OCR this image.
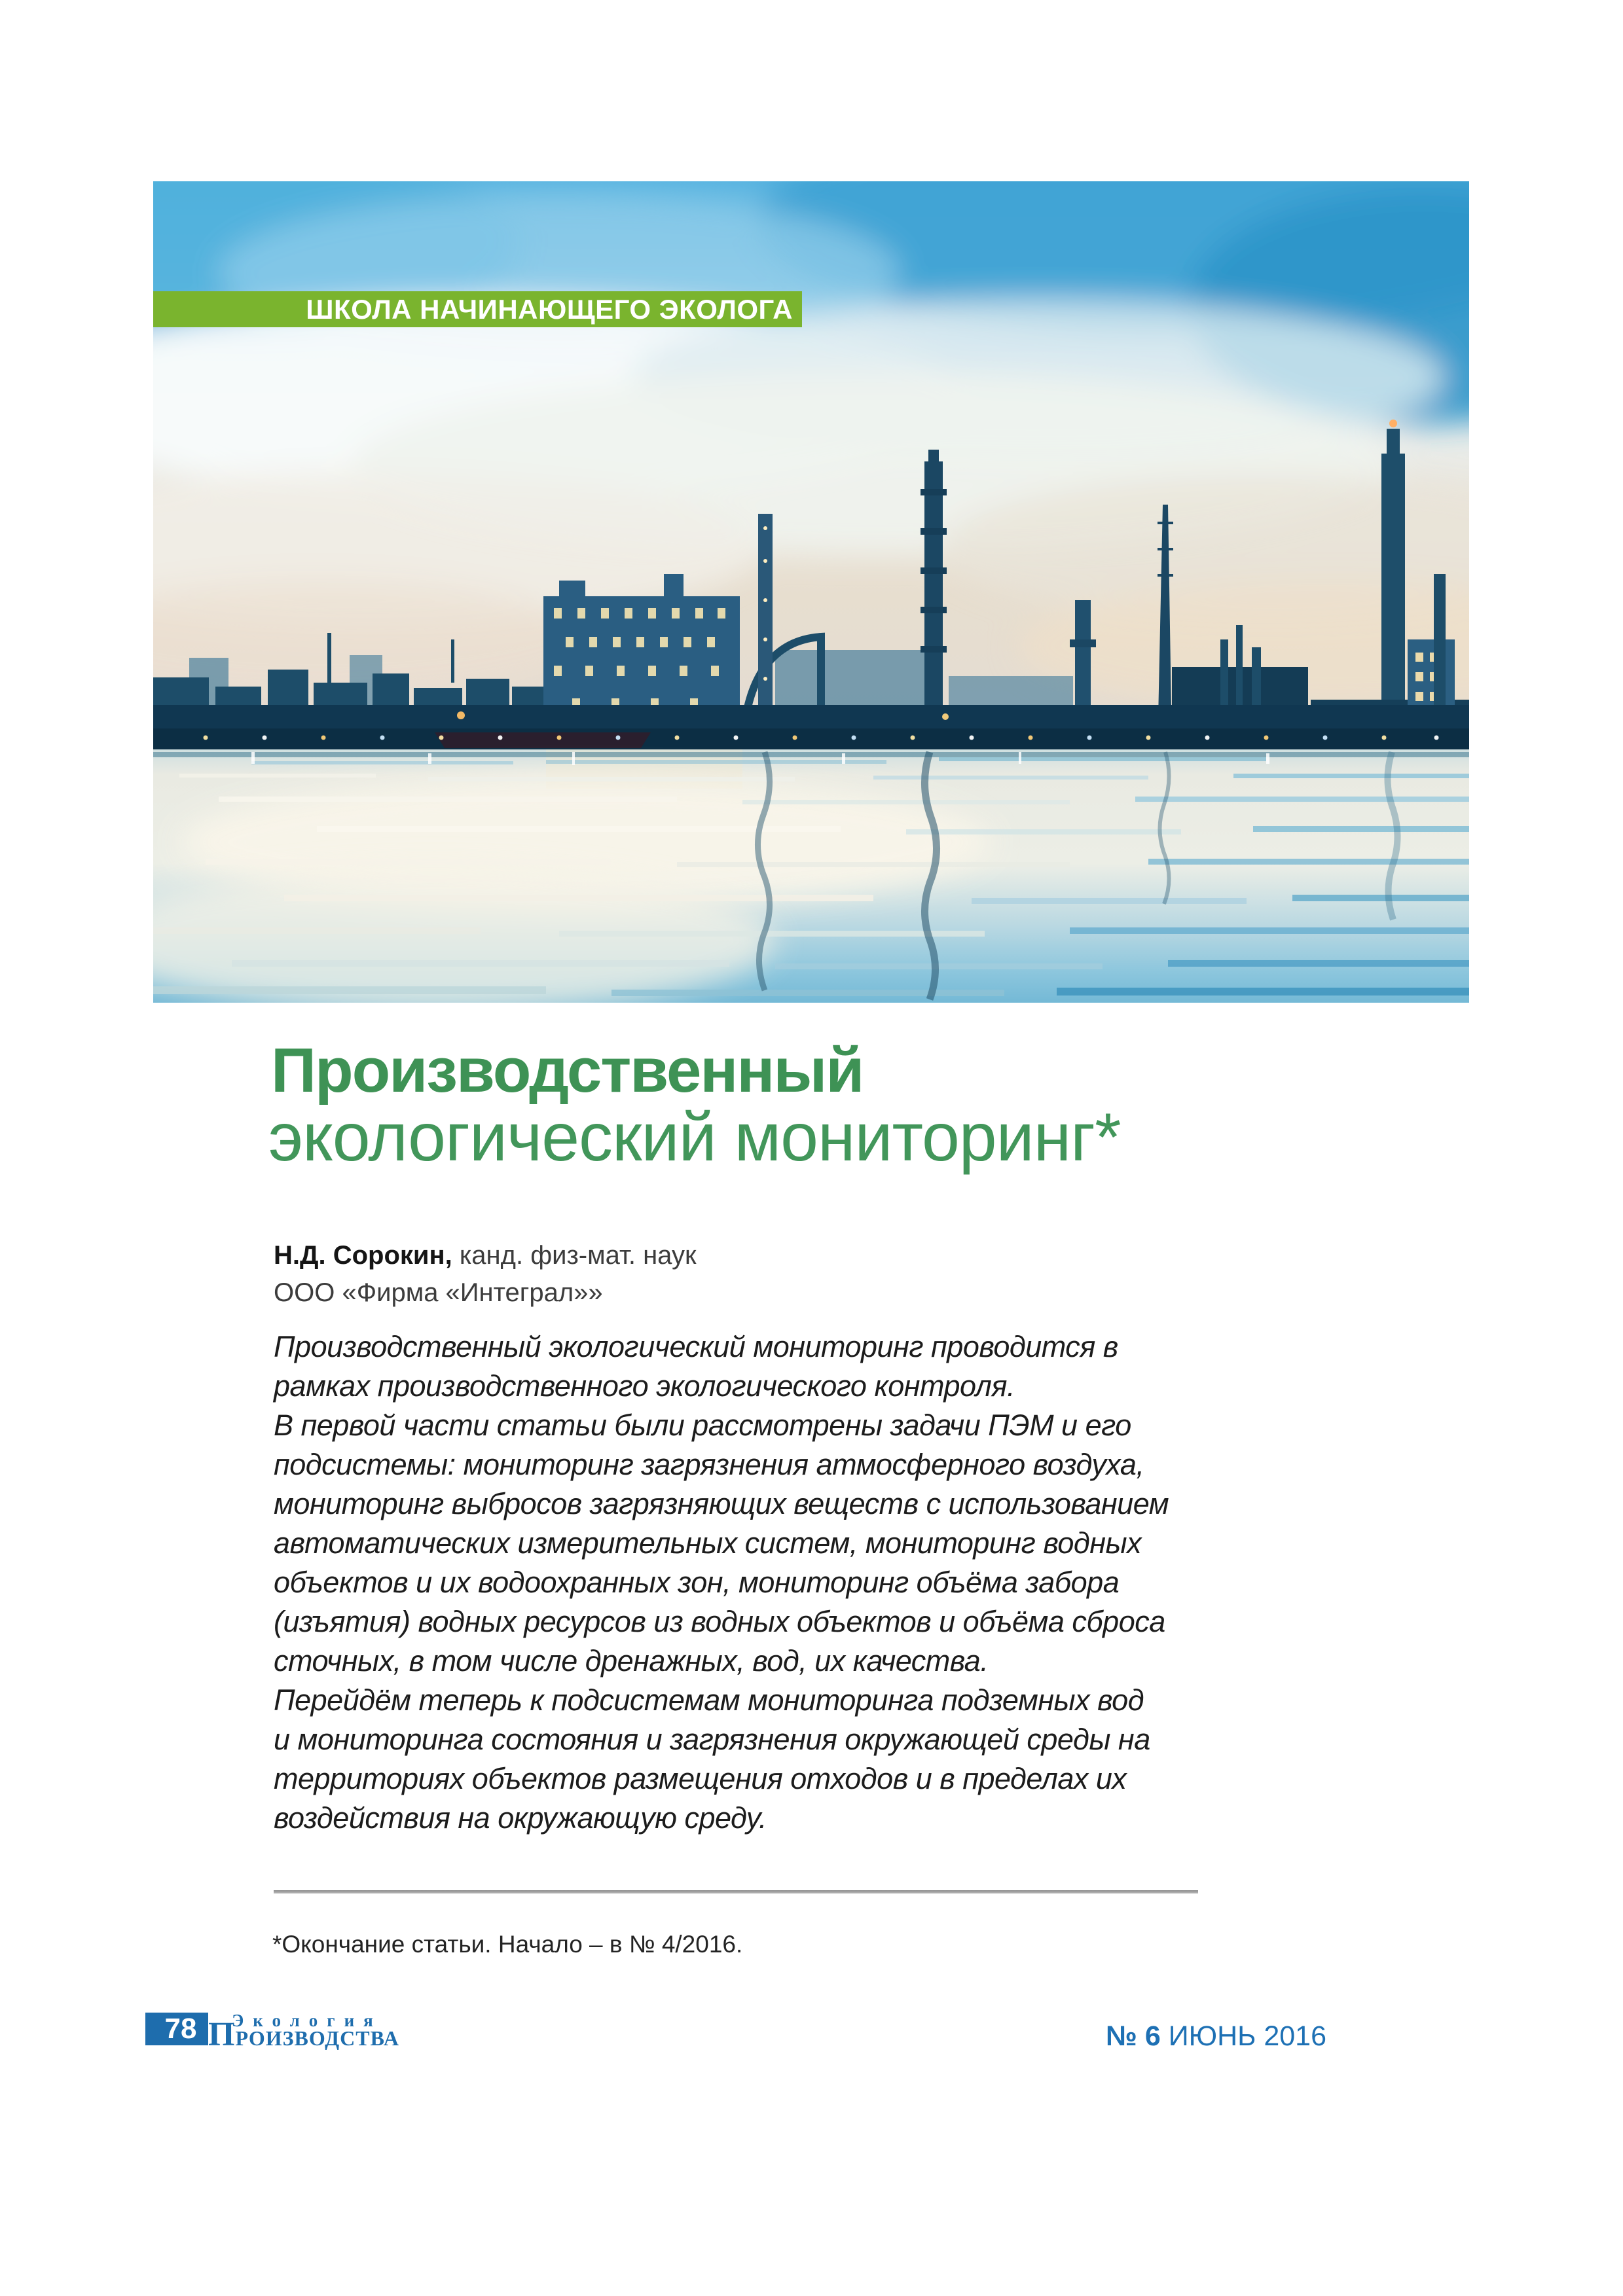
ШКОЛА НАЧИНАЮЩЕГО ЭКОЛОГА
Производственный
экологический мониторинг*
Н.Д. Сорокин, канд. физ-мат. наук
ООО «Фирма «Интеграл»»
Производственный экологический мониторинг проводится в
рамках производственного экологического контроля.
В первой части статьи были рассмотрены задачи ПЭМ и его
подсистемы: мониторинг загрязнения атмосферного воздуха,
мониторинг выбросов загрязняющих веществ с использованием
автоматических измерительных систем, мониторинг водных
объектов и их водоохранных зон, мониторинг объёма забора
(изъятия) водных ресурсов из водных объектов и объёма сброса
сточных, в том числе дренажных, вод, их качества.
Перейдём теперь к подсистемам мониторинга подземных вод
и мониторинга состояния и загрязнения окружающей среды на
территориях объектов размещения отходов и в пределах их
воздействия на окружающую среду.
*Окончание статьи. Начало – в № 4/2016.
78 Экология
ПРОИЗВОДСТВА	№ 6 ИЮНЬ 2016
